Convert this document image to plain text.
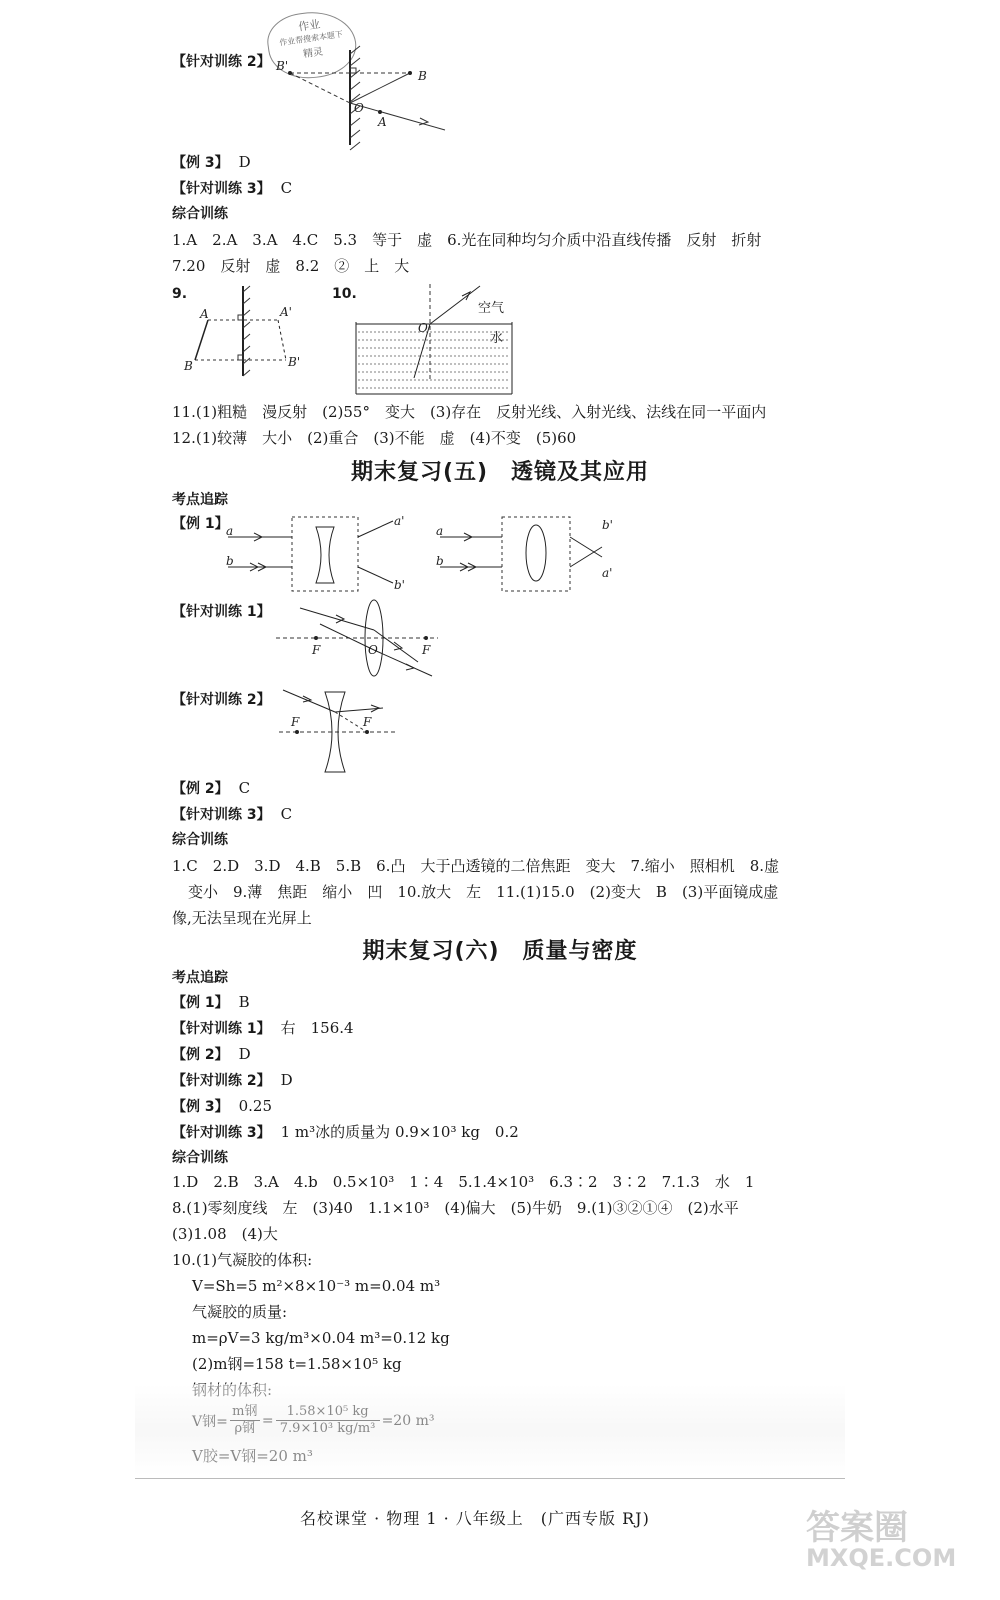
作业
作业帮搜索本题下
精灵
【针对训练 2】 B'
B
O
A
【例 3】 D
【针对训练 3】 C
综合训练
1.A　2.A　3.A　4.C　5.3　等于　虚　6.光在同种均匀介质中沿直线传播　反射　折射
7.20　反射　虚　8.2　②　上　大
9.
A	A'
B	B'
10.
O
空气
水
11.(1)粗糙　漫反射　(2)55°　变大　(3)存在　反射光线、入射光线、法线在同一平面内
12.(1)较薄　大小　(2)重合　(3)不能　虚　(4)不变　(5)60
期末复习(五)　透镜及其应用
考点追踪
【例 1】
a
b
a'
b'
a
b
b'
a'
【针对训练 1】
F	O	F
【针对训练 2】
F	F
【例 2】 C
【针对训练 3】 C
综合训练
1.C　2.D　3.D　4.B　5.B　6.凸　大于凸透镜的二倍焦距　变大　7.缩小　照相机　8.虚
变小　9.薄　焦距　缩小　凹　10.放大　左　11.(1)15.0　(2)变大　B　(3)平面镜成虚
像,无法呈现在光屏上
期末复习(六)　质量与密度
考点追踪
【例 1】 B
【针对训练 1】 右　156.4
【例 2】 D
【针对训练 2】 D
【例 3】 0.25
【针对训练 3】 1 m³冰的质量为 0.9×10³ kg　0.2
综合训练
1.D　2.B　3.A　4.b　0.5×10³　1∶4　5.1.4×10³　6.3∶2　3∶2　7.1.3　水　1
8.(1)零刻度线　左　(3)40　1.1×10³　(4)偏大　(5)牛奶　9.(1)③②①④　(2)水平
(3)1.08　(4)大
10.(1)气凝胶的体积:
V=Sh=5 m²×8×10⁻³ m=0.04 m³
气凝胶的质量:
m=ρV=3 kg/m³×0.04 m³=0.12 kg
(2)m钢=158 t=1.58×10⁵ kg
名校课堂 · 物理 1 · 八年级上　(广西专版 RJ)	答案圈
MXQE.COM
